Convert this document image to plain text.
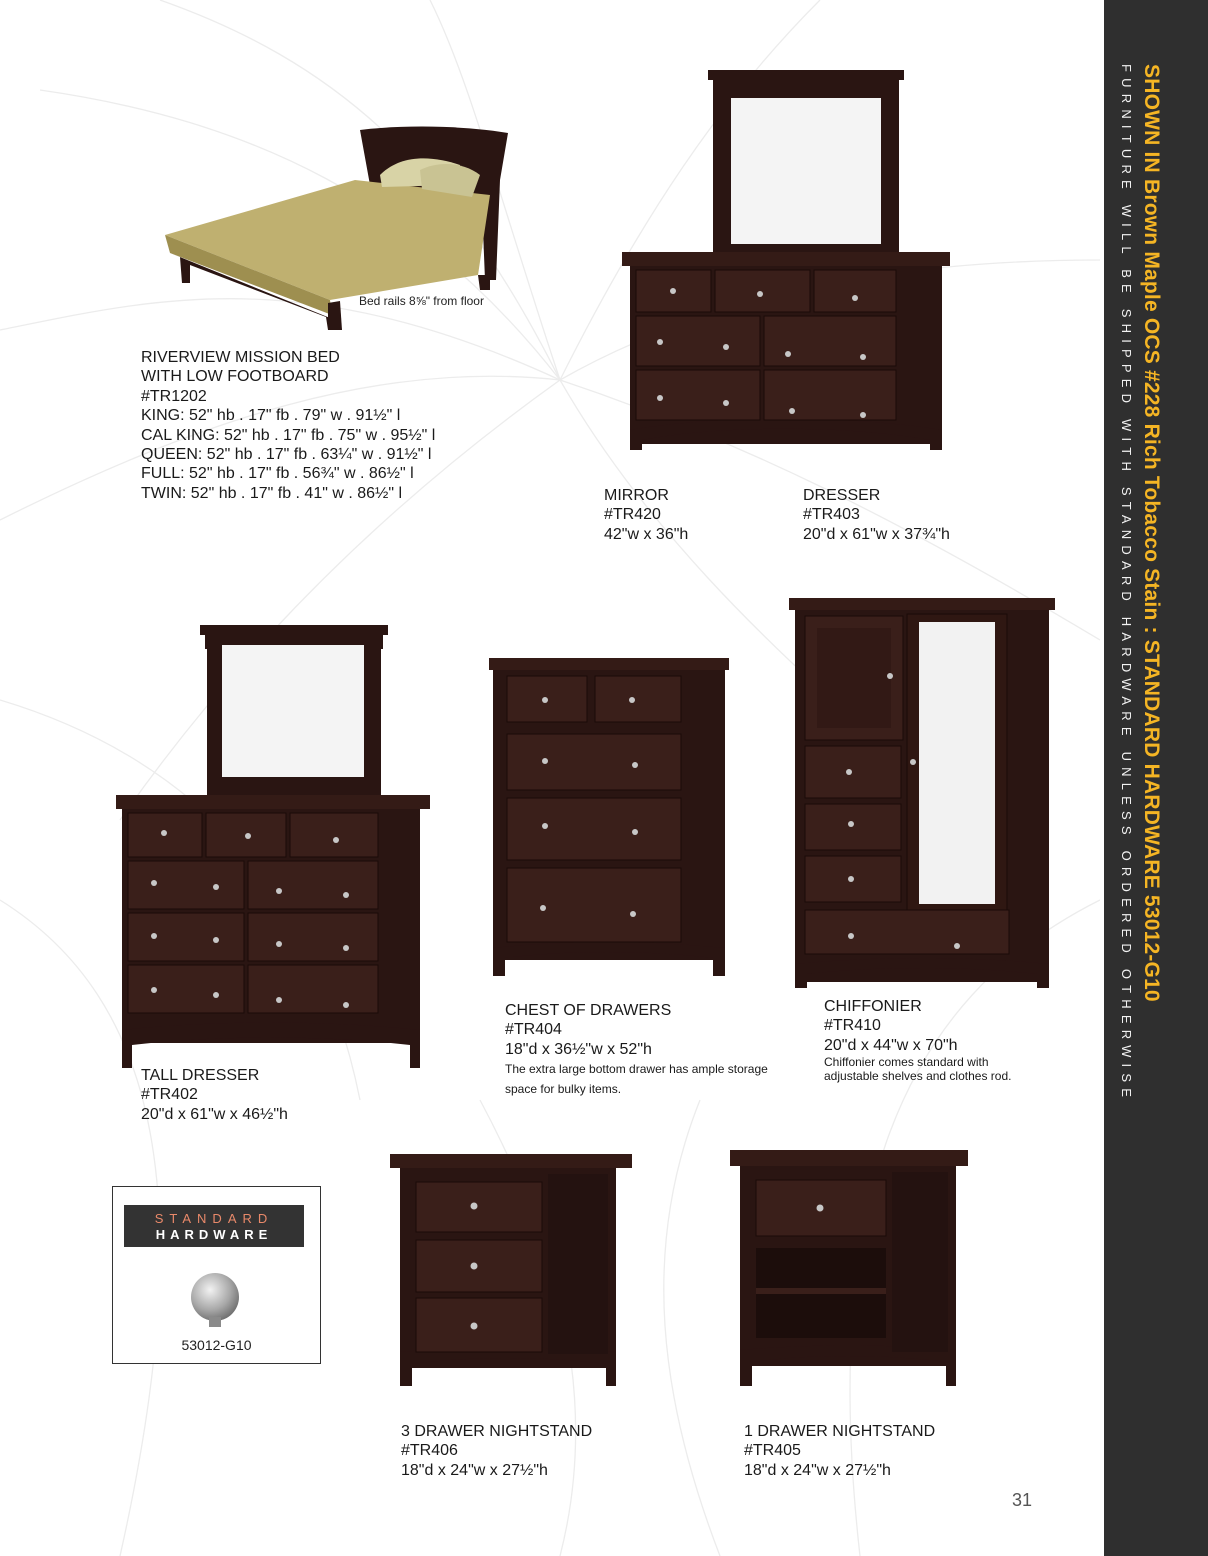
SHOWN IN Brown Maple OCS #228 Rich Tobacco Stain : STANDARD HARDWARE 53012-G10
FURNITURE WILL BE SHIPPED WITH STANDARD HARDWARE UNLESS ORDERED OTHERWISE
Bed rails 8⅝" from floor
RIVERVIEW MISSION BED
WITH LOW FOOTBOARD
#TR1202
KING: 52" hb . 17" fb . 79" w . 91½" l
CAL KING: 52" hb . 17" fb . 75" w . 95½" l
QUEEN: 52" hb . 17" fb . 63¼" w . 91½" l
FULL: 52" hb . 17" fb . 56¾" w . 86½" l
TWIN: 52" hb . 17" fb . 41" w . 86½" l	MIRROR
#TR420
42"w x 36"h
DRESSER
#TR403
20"d x 61"w x 37¾"h
TALL DRESSER
#TR402
20"d x 61"w x 46½"h
CHEST OF DRAWERS
#TR404
18"d x 36½"w x 52"h
The extra large bottom drawer has ample storage
space for bulky items.
CHIFFONIER
#TR410
20"d x 44"w x 70"h
Chiffonier comes standard with
adjustable shelves and clothes rod.
STANDARD
HARDWARE
53012-G10
3 DRAWER NIGHTSTAND
#TR406
18"d x 24"w x 27½"h
1 DRAWER NIGHTSTAND
#TR405
18"d x 24"w x 27½"h
31
